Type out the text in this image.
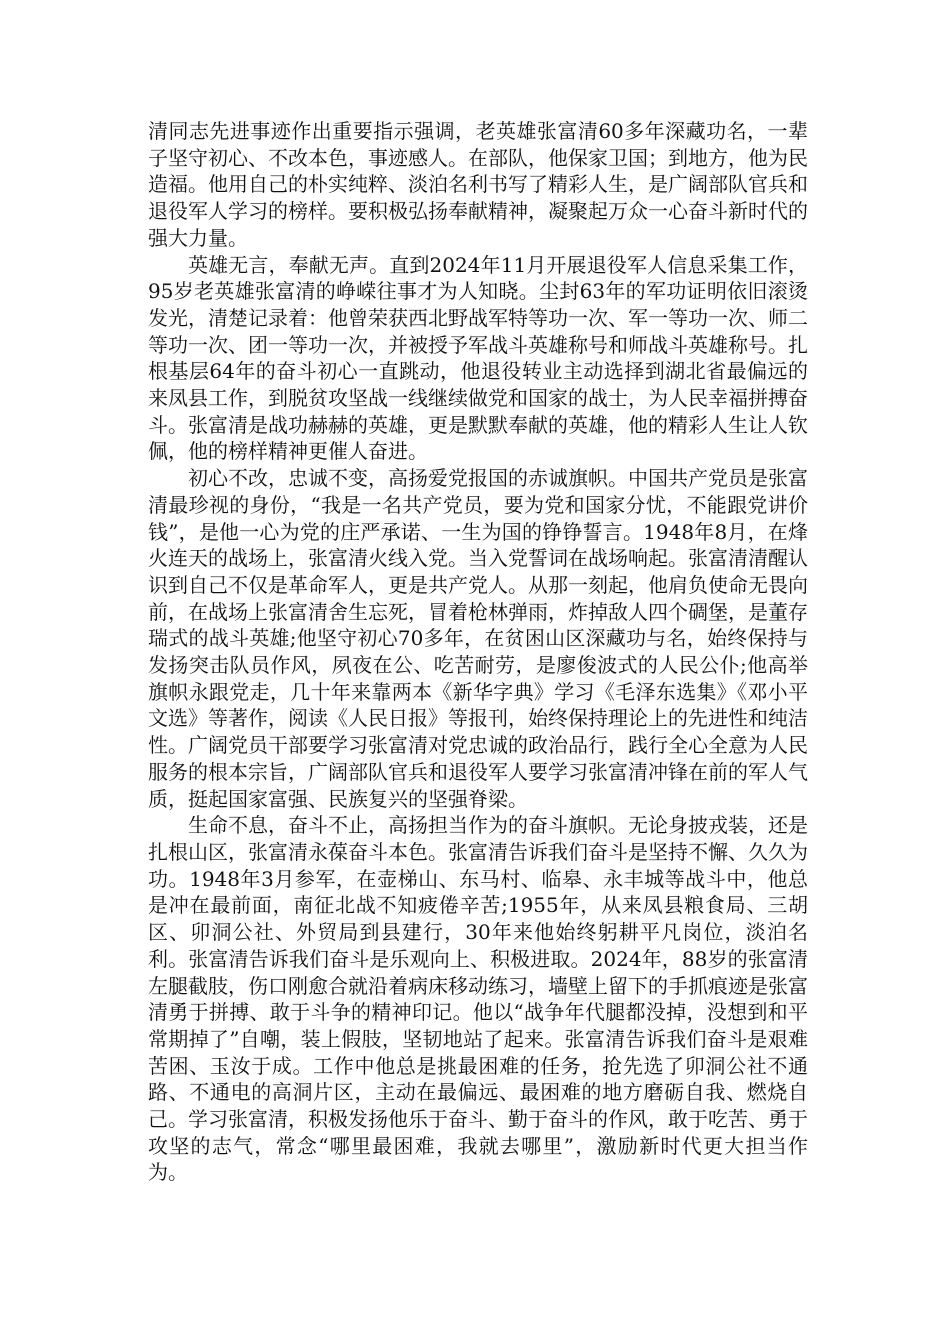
清同志先进事迹作出重要指示强调，老英雄张富清60多年深藏功名，一辈子坚守初心、不改本色，事迹感人。在部队，他保家卫国；到地方，他为民造福。他用自己的朴实纯粹、淡泊名利书写了精彩人生，是广阔部队官兵和退役军人学习的榜样。要积极弘扬奉献精神，凝聚起万众一心奋斗新时代的强大力量。

英雄无言，奉献无声。直到2024年11月开展退役军人信息采集工作，95岁老英雄张富清的峥嵘往事才为人知晓。尘封63年的军功证明依旧滚烫发光，清楚记录着：他曾荣获西北野战军特等功一次、军一等功一次、师二等功一次、团一等功一次，并被授予军战斗英雄称号和师战斗英雄称号。扎根基层64年的奋斗初心一直跳动，他退役转业主动选择到湖北省最偏远的来凤县工作，到脱贫攻坚战一线继续做党和国家的战士，为人民幸福拼搏奋斗。张富清是战功赫赫的英雄，更是默默奉献的英雄，他的精彩人生让人钦佩，他的榜样精神更催人奋进。

初心不改，忠诚不变，高扬爱党报国的赤诚旗帜。中国共产党员是张富清最珍视的身份，“我是一名共产党员，要为党和国家分忧，不能跟党讲价钱”，是他一心为党的庄严承诺、一生为国的铮铮誓言。1948年8月，在烽火连天的战场上，张富清火线入党。当入党誓词在战场响起。张富清清醒认识到自己不仅是革命军人，更是共产党人。从那一刻起，他肩负使命无畏向前，在战场上张富清舍生忘死，冒着枪林弹雨，炸掉敌人四个碉堡，是董存瑞式的战斗英雄;他坚守初心70多年，在贫困山区深藏功与名，始终保持与发扬突击队员作风，夙夜在公、吃苦耐劳，是廖俊波式的人民公仆;他高举旗帜永跟党走，几十年来靠两本《新华字典》学习《毛泽东选集》《邓小平文选》等著作，阅读《人民日报》等报刊，始终保持理论上的先进性和纯洁性。广阔党员干部要学习张富清对党忠诚的政治品行，践行全心全意为人民服务的根本宗旨，广阔部队官兵和退役军人要学习张富清冲锋在前的军人气质，挺起国家富强、民族复兴的坚强脊梁。

生命不息，奋斗不止，高扬担当作为的奋斗旗帜。无论身披戎装，还是扎根山区，张富清永葆奋斗本色。张富清告诉我们奋斗是坚持不懈、久久为功。1948年3月参军，在壶梯山、东马村、临皋、永丰城等战斗中，他总是冲在最前面，南征北战不知疲倦辛苦;1955年，从来凤县粮食局、三胡区、卯洞公社、外贸局到县建行，30年来他始终躬耕平凡岗位，淡泊名利。张富清告诉我们奋斗是乐观向上、积极进取。2024年，88岁的张富清左腿截肢，伤口刚愈合就沿着病床移动练习，墙壁上留下的手抓痕迹是张富清勇于拼搏、敢于斗争的精神印记。他以“战争年代腿都没掉，没想到和平常期掉了”自嘲，装上假肢，坚韧地站了起来。张富清告诉我们奋斗是艰难苦困、玉汝于成。工作中他总是挑最困难的任务，抢先选了卯洞公社不通路、不通电的高洞片区，主动在最偏远、最困难的地方磨砺自我、燃烧自己。学习张富清，积极发扬他乐于奋斗、勤于奋斗的作风，敢于吃苦、勇于攻坚的志气，常念“哪里最困难，我就去哪里”，激励新时代更大担当作为。
